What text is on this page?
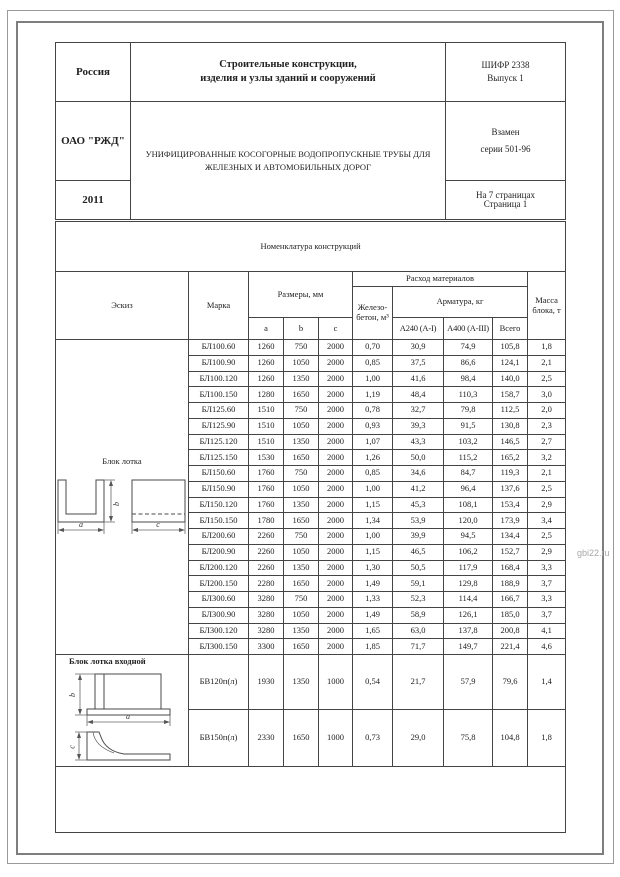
Россия	
Строительные конструкции,
изделия и узлы зданий и сооружений

ШИФР 2338
Выпуск 1

ОАО "РЖД"	
УНИФИЦИРОВАННЫЕ КОСОГОРНЫЕ ВОДОПРОПУСКНЫЕ ТРУБЫ ДЛЯ
ЖЕЛЕЗНЫХ И АВТОМОБИЛЬНЫХ ДОРОГ

Взамен
серии 501-96

2011		На 7 страницах
Страница 1
Номенклатура конструкций									
Эскиз	Марка	Размеры, мм			Расход материалов				Масса блока, т
					Железо-бетон, м³	Арматура, кг			
		a	b	c		А240 (А-I)	А400 (А-III)	Всего	

Блок лотка
b
a c	БЛ100.60	1260	750	2000	0,70	30,9	74,9	105,8	1,8
	БЛ100.90	1260	1050	2000	0,85	37,5	86,6	124,1	2,1
	БЛ100.120	1260	1350	2000	1,00	41,6	98,4	140,0	2,5
	БЛ100.150	1280	1650	2000	1,19	48,4	110,3	158,7	3,0
	БЛ125.60	1510	750	2000	0,78	32,7	79,8	112,5	2,0
	БЛ125.90	1510	1050	2000	0,93	39,3	91,5	130,8	2,3
	БЛ125.120	1510	1350	2000	1,07	43,3	103,2	146,5	2,7
	БЛ125.150	1530	1650	2000	1,26	50,0	115,2	165,2	3,2
	БЛ150.60	1760	750	2000	0,85	34,6	84,7	119,3	2,1
	БЛ150.90	1760	1050	2000	1,00	41,2	96,4	137,6	2,5
	БЛ150.120	1760	1350	2000	1,15	45,3	108,1	153,4	2,9
	БЛ150.150	1780	1650	2000	1,34	53,9	120,0	173,9	3,4
	БЛ200.60	2260	750	2000	1,00	39,9	94,5	134,4	2,5
	БЛ200.90	2260	1050	2000	1,15	46,5	106,2	152,7	2,9
	БЛ200.120	2260	1350	2000	1,30	50,5	117,9	168,4	3,3
	БЛ200.150	2280	1650	2000	1,49	59,1	129,8	188,9	3,7
	БЛ300.60	3280	750	2000	1,33	52,3	114,4	166,7	3,3
	БЛ300.90	3280	1050	2000	1,49	58,9	126,1	185,0	3,7
	БЛ300.120	3280	1350	2000	1,65	63,0	137,8	200,8	4,1
	БЛ300.150	3300	1650	2000	1,85	71,7	149,7	221,4	4,6

Блок лотка входной
b
a
c	БВ120п(л)	1930	1350	1000	0,54	21,7	57,9	79,6	1,4
	БВ150п(л)	2330	1650	1000	0,73	29,0	75,8	104,8	1,8

gbi22.ru
